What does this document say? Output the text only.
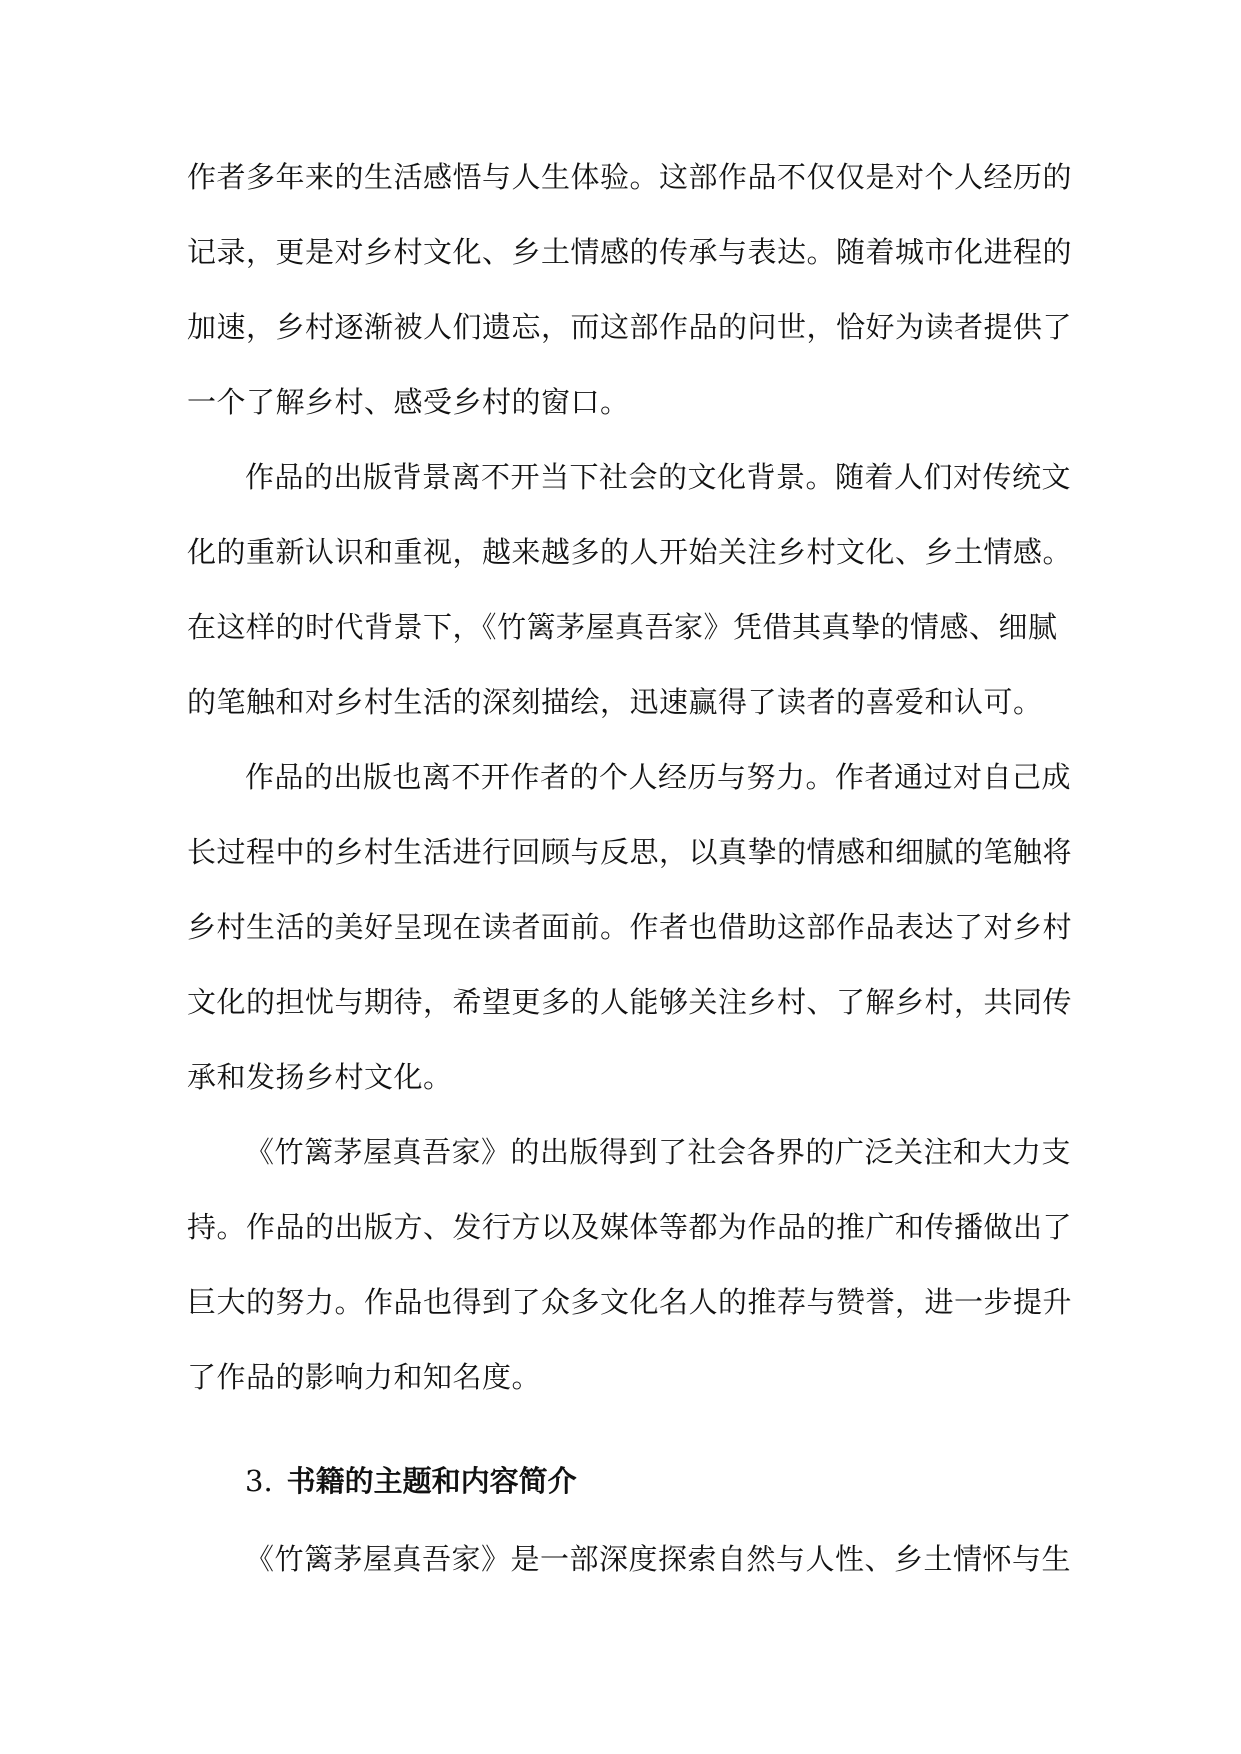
作者多年来的生活感悟与人生体验。这部作品不仅仅是对个人经历的
记录，更是对乡村文化、乡土情感的传承与表达。随着城市化进程的
加速，乡村逐渐被人们遗忘，而这部作品的问世，恰好为读者提供了
一个了解乡村、感受乡村的窗口。
作品的出版背景离不开当下社会的文化背景。随着人们对传统文
化的重新认识和重视，越来越多的人开始关注乡村文化、乡土情感。
在这样的时代背景下，《竹篱茅屋真吾家》凭借其真挚的情感、细腻
的笔触和对乡村生活的深刻描绘，迅速赢得了读者的喜爱和认可。
作品的出版也离不开作者的个人经历与努力。作者通过对自己成
长过程中的乡村生活进行回顾与反思，以真挚的情感和细腻的笔触将
乡村生活的美好呈现在读者面前。作者也借助这部作品表达了对乡村
文化的担忧与期待，希望更多的人能够关注乡村、了解乡村，共同传
承和发扬乡村文化。
《竹篱茅屋真吾家》的出版得到了社会各界的广泛关注和大力支
持。作品的出版方、发行方以及媒体等都为作品的推广和传播做出了
巨大的努力。作品也得到了众多文化名人的推荐与赞誉，进一步提升
了作品的影响力和知名度。
3. 书籍的主题和内容简介
《竹篱茅屋真吾家》是一部深度探索自然与人性、乡土情怀与生
